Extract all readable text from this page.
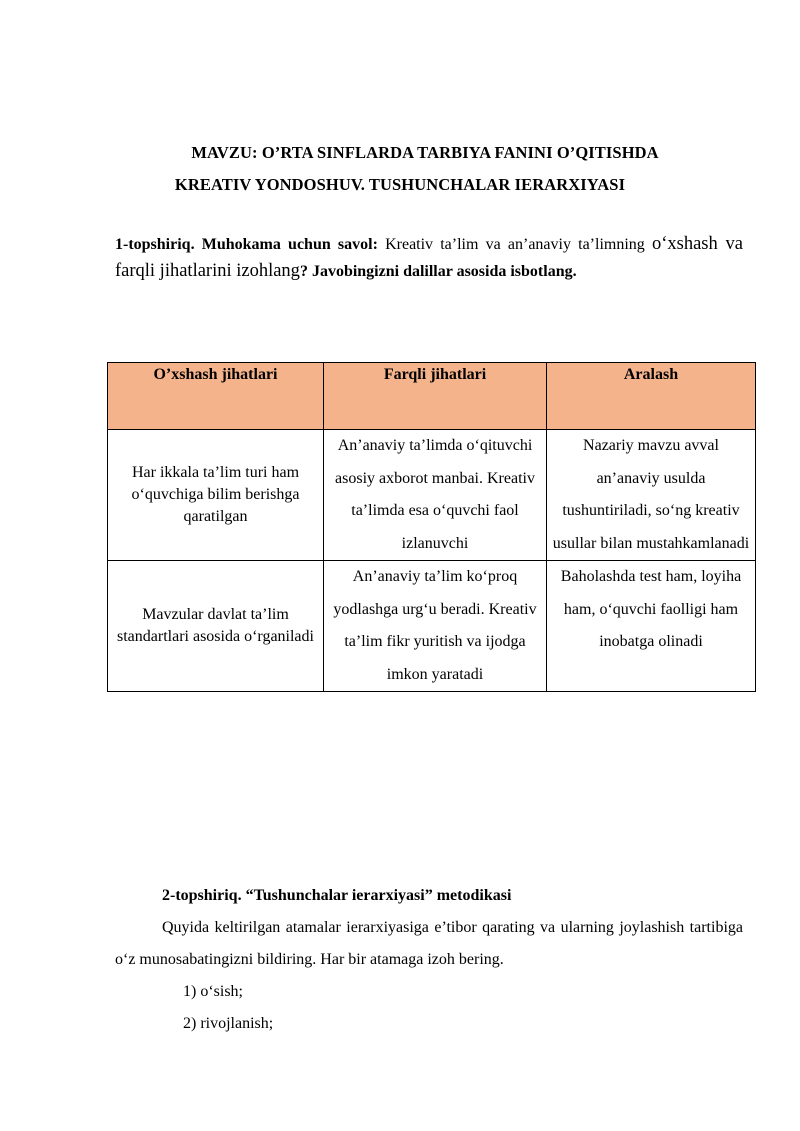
MAVZU: O’RTA SINFLARDA TARBIYA FANINI O’QITISHDA
KREATIV YONDOSHUV. TUSHUNCHALAR IERARXIYASI
1-topshiriq. Muhokama uchun savol: Kreativ ta’lim va an’anaviy ta’limning o‘xshash va farqli jihatlarini izohlang? Javobingizni dalillar asosida isbotlang.
O’xshash jihatlari	Farqli jihatlari	Aralash
Har ikkala ta’lim turi ham o‘quvchiga bilim berishga qaratilgan	An’anaviy ta’limda o‘qituvchi asosiy axborot manbai. Kreativ ta’limda esa o‘quvchi faol izlanuvchi	Nazariy mavzu avval an’anaviy usulda tushuntiriladi, so‘ng kreativ usullar bilan mustahkamlanadi
Mavzular davlat ta’lim standartlari asosida o‘rganiladi	An’anaviy ta’lim ko‘proq yodlashga urg‘u beradi. Kreativ ta’lim fikr yuritish va ijodga imkon yaratadi	Baholashda test ham, loyiha ham, o‘quvchi faolligi ham inobatga olinadi
2-topshiriq. “Tushunchalar ierarxiyasi” metodikasi
Quyida keltirilgan atamalar ierarxiyasiga e’tibor qarating va ularning joylashish tartibiga o‘z munosabatingizni bildiring. Har bir atamaga izoh bering.
1) o‘sish;
2) rivojlanish;
